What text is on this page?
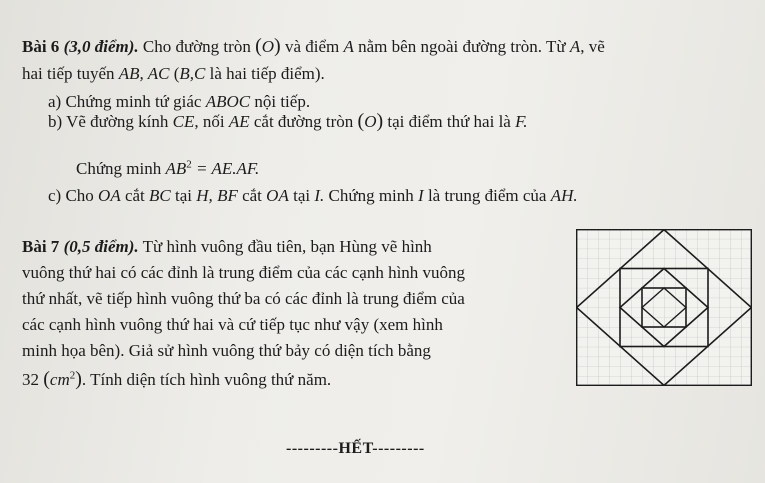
Bài 6 (3,0 điểm). Cho đường tròn (O) và điểm A nằm bên ngoài đường tròn. Từ A, vẽ
hai tiếp tuyến AB, AC (B,C là hai tiếp điểm).
a) Chứng minh tứ giác ABOC nội tiếp.
b) Vẽ đường kính CE, nối AE cắt đường tròn (O) tại điểm thứ hai là F.
Chứng minh $AB^2 = AE.AF$.
c) Cho OA cắt BC tại H, BF cắt OA tại I. Chứng minh I là trung điểm của AH.
Bài 7 (0,5 điểm). Từ hình vuông đầu tiên, bạn Hùng vẽ hình
vuông thứ hai có các đỉnh là trung điểm của các cạnh hình vuông
thứ nhất, vẽ tiếp hình vuông thứ ba có các đỉnh là trung điểm của
các cạnh hình vuông thứ hai và cứ tiếp tục như vậy (xem hình
minh họa bên). Giả sử hình vuông thứ bảy có diện tích bằng
32 $(cm^2)$. Tính diện tích hình vuông thứ năm.
---------HẾT---------
